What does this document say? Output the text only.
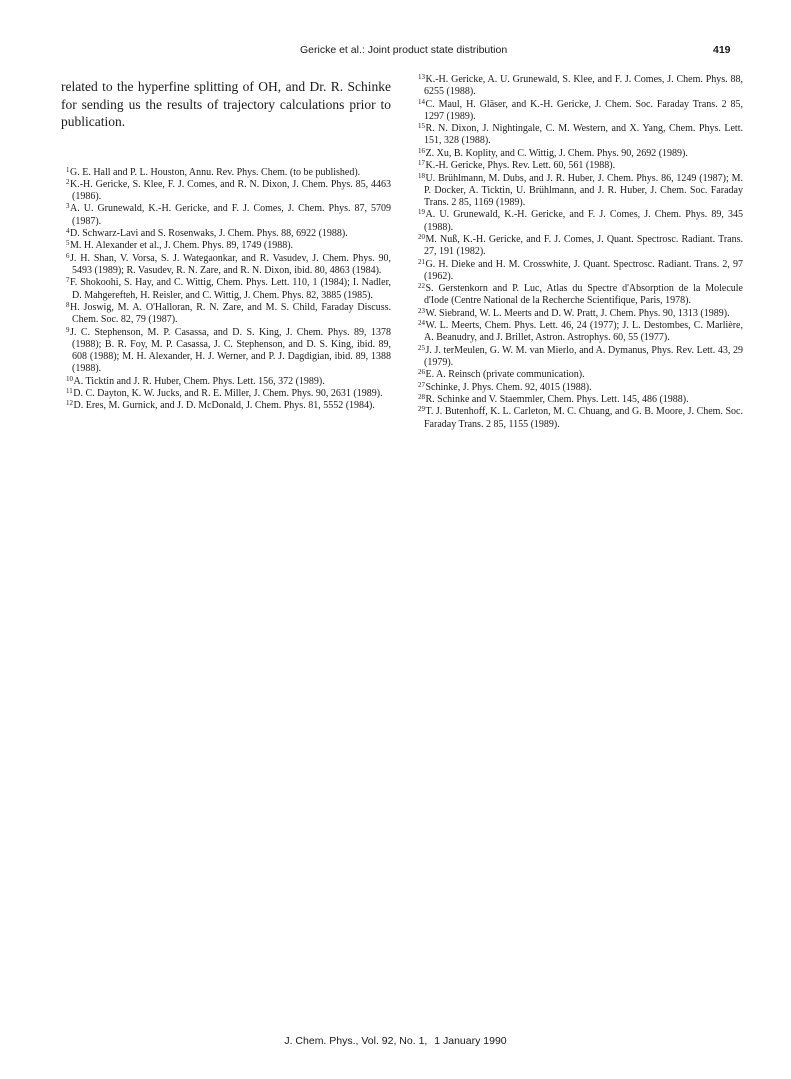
Gericke et al.: Joint product state distribution	419

related to the hyperfine splitting of OH, and Dr. R. Schinke for sending us the results of trajectory calculations prior to publication.

$^1$G. E. Hall and P. L. Houston, Annu. Rev. Phys. Chem. (to be published).
$^2$K.-H. Gericke, S. Klee, F. J. Comes, and R. N. Dixon, J. Chem. Phys. 85, 4463 (1986).
$^3$A. U. Grunewald, K.-H. Gericke, and F. J. Comes, J. Chem. Phys. 87, 5709 (1987).
$^4$D. Schwarz-Lavi and S. Rosenwaks, J. Chem. Phys. 88, 6922 (1988).
$^5$M. H. Alexander et al., J. Chem. Phys. 89, 1749 (1988).
$^6$J. H. Shan, V. Vorsa, S. J. Wategaonkar, and R. Vasudev, J. Chem. Phys. 90, 5493 (1989); R. Vasudev, R. N. Zare, and R. N. Dixon, ibid. 80, 4863 (1984).
$^7$F. Shokoohi, S. Hay, and C. Wittig, Chem. Phys. Lett. 110, 1 (1984); I. Nadler, D. Mahgerefteh, H. Reisler, and C. Wittig, J. Chem. Phys. 82, 3885 (1985).
$^8$H. Joswig, M. A. O'Halloran, R. N. Zare, and M. S. Child, Faraday Discuss. Chem. Soc. 82, 79 (1987).
$^9$J. C. Stephenson, M. P. Casassa, and D. S. King, J. Chem. Phys. 89, 1378 (1988); B. R. Foy, M. P. Casassa, J. C. Stephenson, and D. S. King, ibid. 89, 608 (1988); M. H. Alexander, H. J. Werner, and P. J. Dagdigian, ibid. 89, 1388 (1988).
$^{10}$A. Ticktin and J. R. Huber, Chem. Phys. Lett. 156, 372 (1989).
$^{11}$D. C. Dayton, K. W. Jucks, and R. E. Miller, J. Chem. Phys. 90, 2631 (1989).
$^{12}$D. Eres, M. Gurnick, and J. D. McDonald, J. Chem. Phys. 81, 5552 (1984).
$^{13}$K.-H. Gericke, A. U. Grunewald, S. Klee, and F. J. Comes, J. Chem. Phys. 88, 6255 (1988).
$^{14}$C. Maul, H. Gläser, and K.-H. Gericke, J. Chem. Soc. Faraday Trans. 2 85, 1297 (1989).
$^{15}$R. N. Dixon, J. Nightingale, C. M. Western, and X. Yang, Chem. Phys. Lett. 151, 328 (1988).
$^{16}$Z. Xu, B. Koplity, and C. Wittig, J. Chem. Phys. 90, 2692 (1989).
$^{17}$K.-H. Gericke, Phys. Rev. Lett. 60, 561 (1988).
$^{18}$U. Brühlmann, M. Dubs, and J. R. Huber, J. Chem. Phys. 86, 1249 (1987); M. P. Docker, A. Ticktin, U. Brühlmann, and J. R. Huber, J. Chem. Soc. Faraday Trans. 2 85, 1169 (1989).
$^{19}$A. U. Grunewald, K.-H. Gericke, and F. J. Comes, J. Chem. Phys. 89, 345 (1988).
$^{20}$M. Nuß, K.-H. Gericke, and F. J. Comes, J. Quant. Spectrosc. Radiant. Trans. 27, 191 (1982).
$^{21}$G. H. Dieke and H. M. Crosswhite, J. Quant. Spectrosc. Radiant. Trans. 2, 97 (1962).
$^{22}$S. Gerstenkorn and P. Luc, Atlas du Spectre d'Absorption de la Molecule d'Iode (Centre National de la Recherche Scientifique, Paris, 1978).
$^{23}$W. Siebrand, W. L. Meerts and D. W. Pratt, J. Chem. Phys. 90, 1313 (1989).
$^{24}$W. L. Meerts, Chem. Phys. Lett. 46, 24 (1977); J. L. Destombes, C. Marlière, A. Beanudry, and J. Brillet, Astron. Astrophys. 60, 55 (1977).
$^{25}$J. J. terMeulen, G. W. M. van Mierlo, and A. Dymanus, Phys. Rev. Lett. 43, 29 (1979).
$^{26}$E. A. Reinsch (private communication).
$^{27}$Schinke, J. Phys. Chem. 92, 4015 (1988).
$^{28}$R. Schinke and V. Staemmler, Chem. Phys. Lett. 145, 486 (1988).
$^{29}$T. J. Butenhoff, K. L. Carleton, M. C. Chuang, and G. B. Moore, J. Chem. Soc. Faraday Trans. 2 85, 1155 (1989).
J. Chem. Phys., Vol. 92, No. 1, 1 January 1990
